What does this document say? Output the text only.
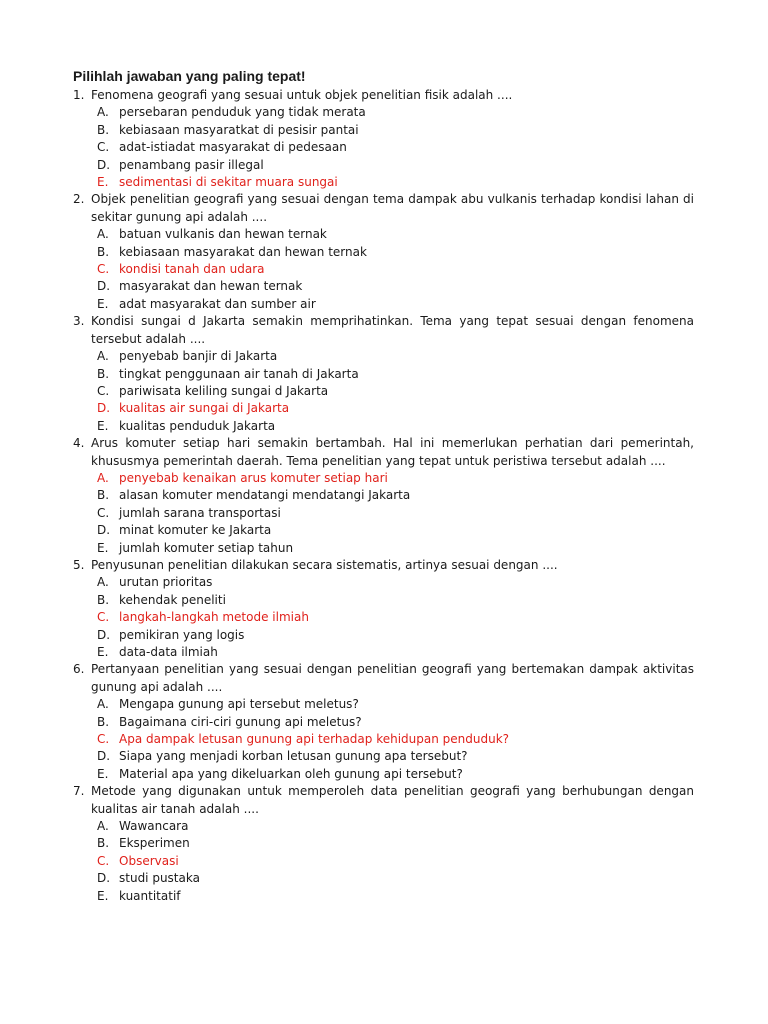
Pilihlah jawaban yang paling tepat!
1. Fenomena geografi yang sesuai untuk objek penelitian fisik adalah ....
A. persebaran penduduk yang tidak merata
B. kebiasaan masyaratkat di pesisir pantai
C. adat-istiadat masyarakat di pedesaan
D. penambang pasir illegal
E. sedimentasi di sekitar muara sungai
2. Objek penelitian geografi yang sesuai dengan tema dampak abu vulkanis terhadap kondisi lahan di sekitar gunung api adalah ....
A. batuan vulkanis dan hewan ternak
B. kebiasaan masyarakat dan hewan ternak
C. kondisi tanah dan udara
D. masyarakat dan hewan ternak
E. adat masyarakat dan sumber air
3. Kondisi sungai d Jakarta semakin memprihatinkan. Tema yang tepat sesuai dengan fenomena tersebut adalah ....
A. penyebab banjir di Jakarta
B. tingkat penggunaan air tanah di Jakarta
C. pariwisata keliling sungai d Jakarta
D. kualitas air sungai di Jakarta
E. kualitas penduduk Jakarta
4. Arus komuter setiap hari semakin bertambah. Hal ini memerlukan perhatian dari pemerintah, khususmya pemerintah daerah. Tema penelitian yang tepat untuk peristiwa tersebut adalah ....
A. penyebab kenaikan arus komuter setiap hari
B. alasan komuter mendatangi mendatangi Jakarta
C. jumlah sarana transportasi
D. minat komuter ke Jakarta
E. jumlah komuter setiap tahun
5. Penyusunan penelitian dilakukan secara sistematis, artinya sesuai dengan ....
A. urutan prioritas
B. kehendak peneliti
C. langkah-langkah metode ilmiah
D. pemikiran yang logis
E. data-data ilmiah
6. Pertanyaan penelitian yang sesuai dengan penelitian geografi yang bertemakan dampak aktivitas gunung api adalah ....
A. Mengapa gunung api tersebut meletus?
B. Bagaimana ciri-ciri gunung api meletus?
C. Apa dampak letusan gunung api terhadap kehidupan penduduk?
D. Siapa yang menjadi korban letusan gunung apa tersebut?
E. Material apa yang dikeluarkan oleh gunung api tersebut?
7. Metode yang digunakan untuk memperoleh data penelitian geografi yang berhubungan dengan kualitas air tanah adalah ....
A. Wawancara
B. Eksperimen
C. Observasi
D. studi pustaka
E. kuantitatif
